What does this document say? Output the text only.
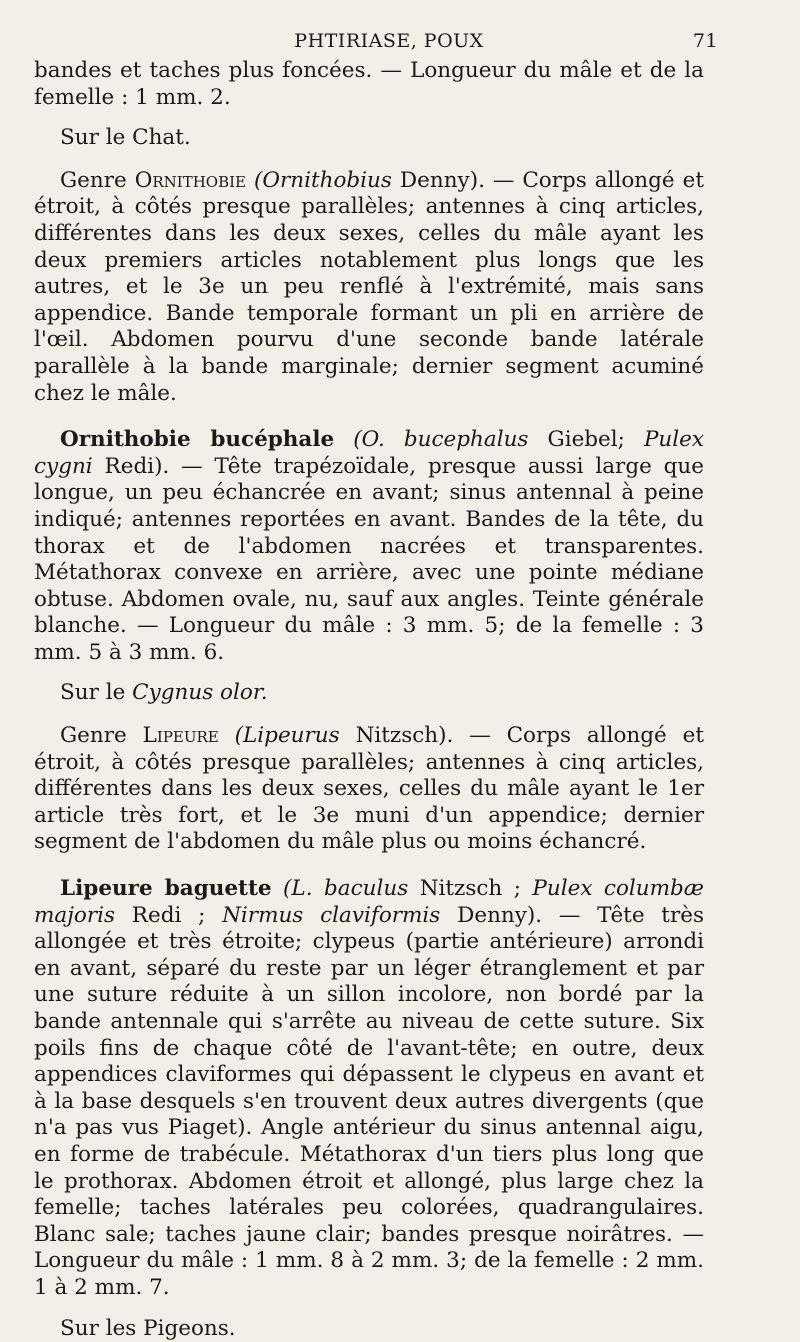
PHTIRIASE, POUX	71

bandes et taches plus foncées. — Longueur du mâle et de la femelle : 1 mm. 2.

Sur le Chat.

Genre Ornithobie (Ornithobius Denny). — Corps allongé et étroit, à côtés presque parallèles; antennes à cinq articles, différentes dans les deux sexes, celles du mâle ayant les deux premiers articles notablement plus longs que les autres, et le 3e un peu renflé à l'extrémité, mais sans appendice. Bande temporale formant un pli en arrière de l'œil. Abdomen pourvu d'une seconde bande latérale parallèle à la bande marginale; dernier segment acuminé chez le mâle.

Ornithobie bucéphale (O. bucephalus Giebel; Pulex cygni Redi). — Tête trapézoïdale, presque aussi large que longue, un peu échancrée en avant; sinus antennal à peine indiqué; antennes reportées en avant. Bandes de la tête, du thorax et de l'abdomen nacrées et transparentes. Métathorax convexe en arrière, avec une pointe médiane obtuse. Abdomen ovale, nu, sauf aux angles. Teinte générale blanche. — Longueur du mâle : 3 mm. 5; de la femelle : 3 mm. 5 à 3 mm. 6.

Sur le Cygnus olor.

Genre Lipeure (Lipeurus Nitzsch). — Corps allongé et étroit, à côtés presque parallèles; antennes à cinq articles, différentes dans les deux sexes, celles du mâle ayant le 1er article très fort, et le 3e muni d'un appendice; dernier segment de l'abdomen du mâle plus ou moins échancré.

Lipeure baguette (L. baculus Nitzsch ; Pulex columbæ majoris Redi ; Nirmus claviformis Denny). — Tête très allongée et très étroite; clypeus (partie antérieure) arrondi en avant, séparé du reste par un léger étranglement et par une suture réduite à un sillon incolore, non bordé par la bande antennale qui s'arrête au niveau de cette suture. Six poils fins de chaque côté de l'avant-tête; en outre, deux appendices claviformes qui dépassent le clypeus en avant et à la base desquels s'en trouvent deux autres divergents (que n'a pas vus Piaget). Angle antérieur du sinus antennal aigu, en forme de trabécule. Métathorax d'un tiers plus long que le prothorax. Abdomen étroit et allongé, plus large chez la femelle; taches latérales peu colorées, quadrangulaires. Blanc sale; taches jaune clair; bandes presque noirâtres. — Longueur du mâle : 1 mm. 8 à 2 mm. 3; de la femelle : 2 mm. 1 à 2 mm. 7.

Sur les Pigeons.
